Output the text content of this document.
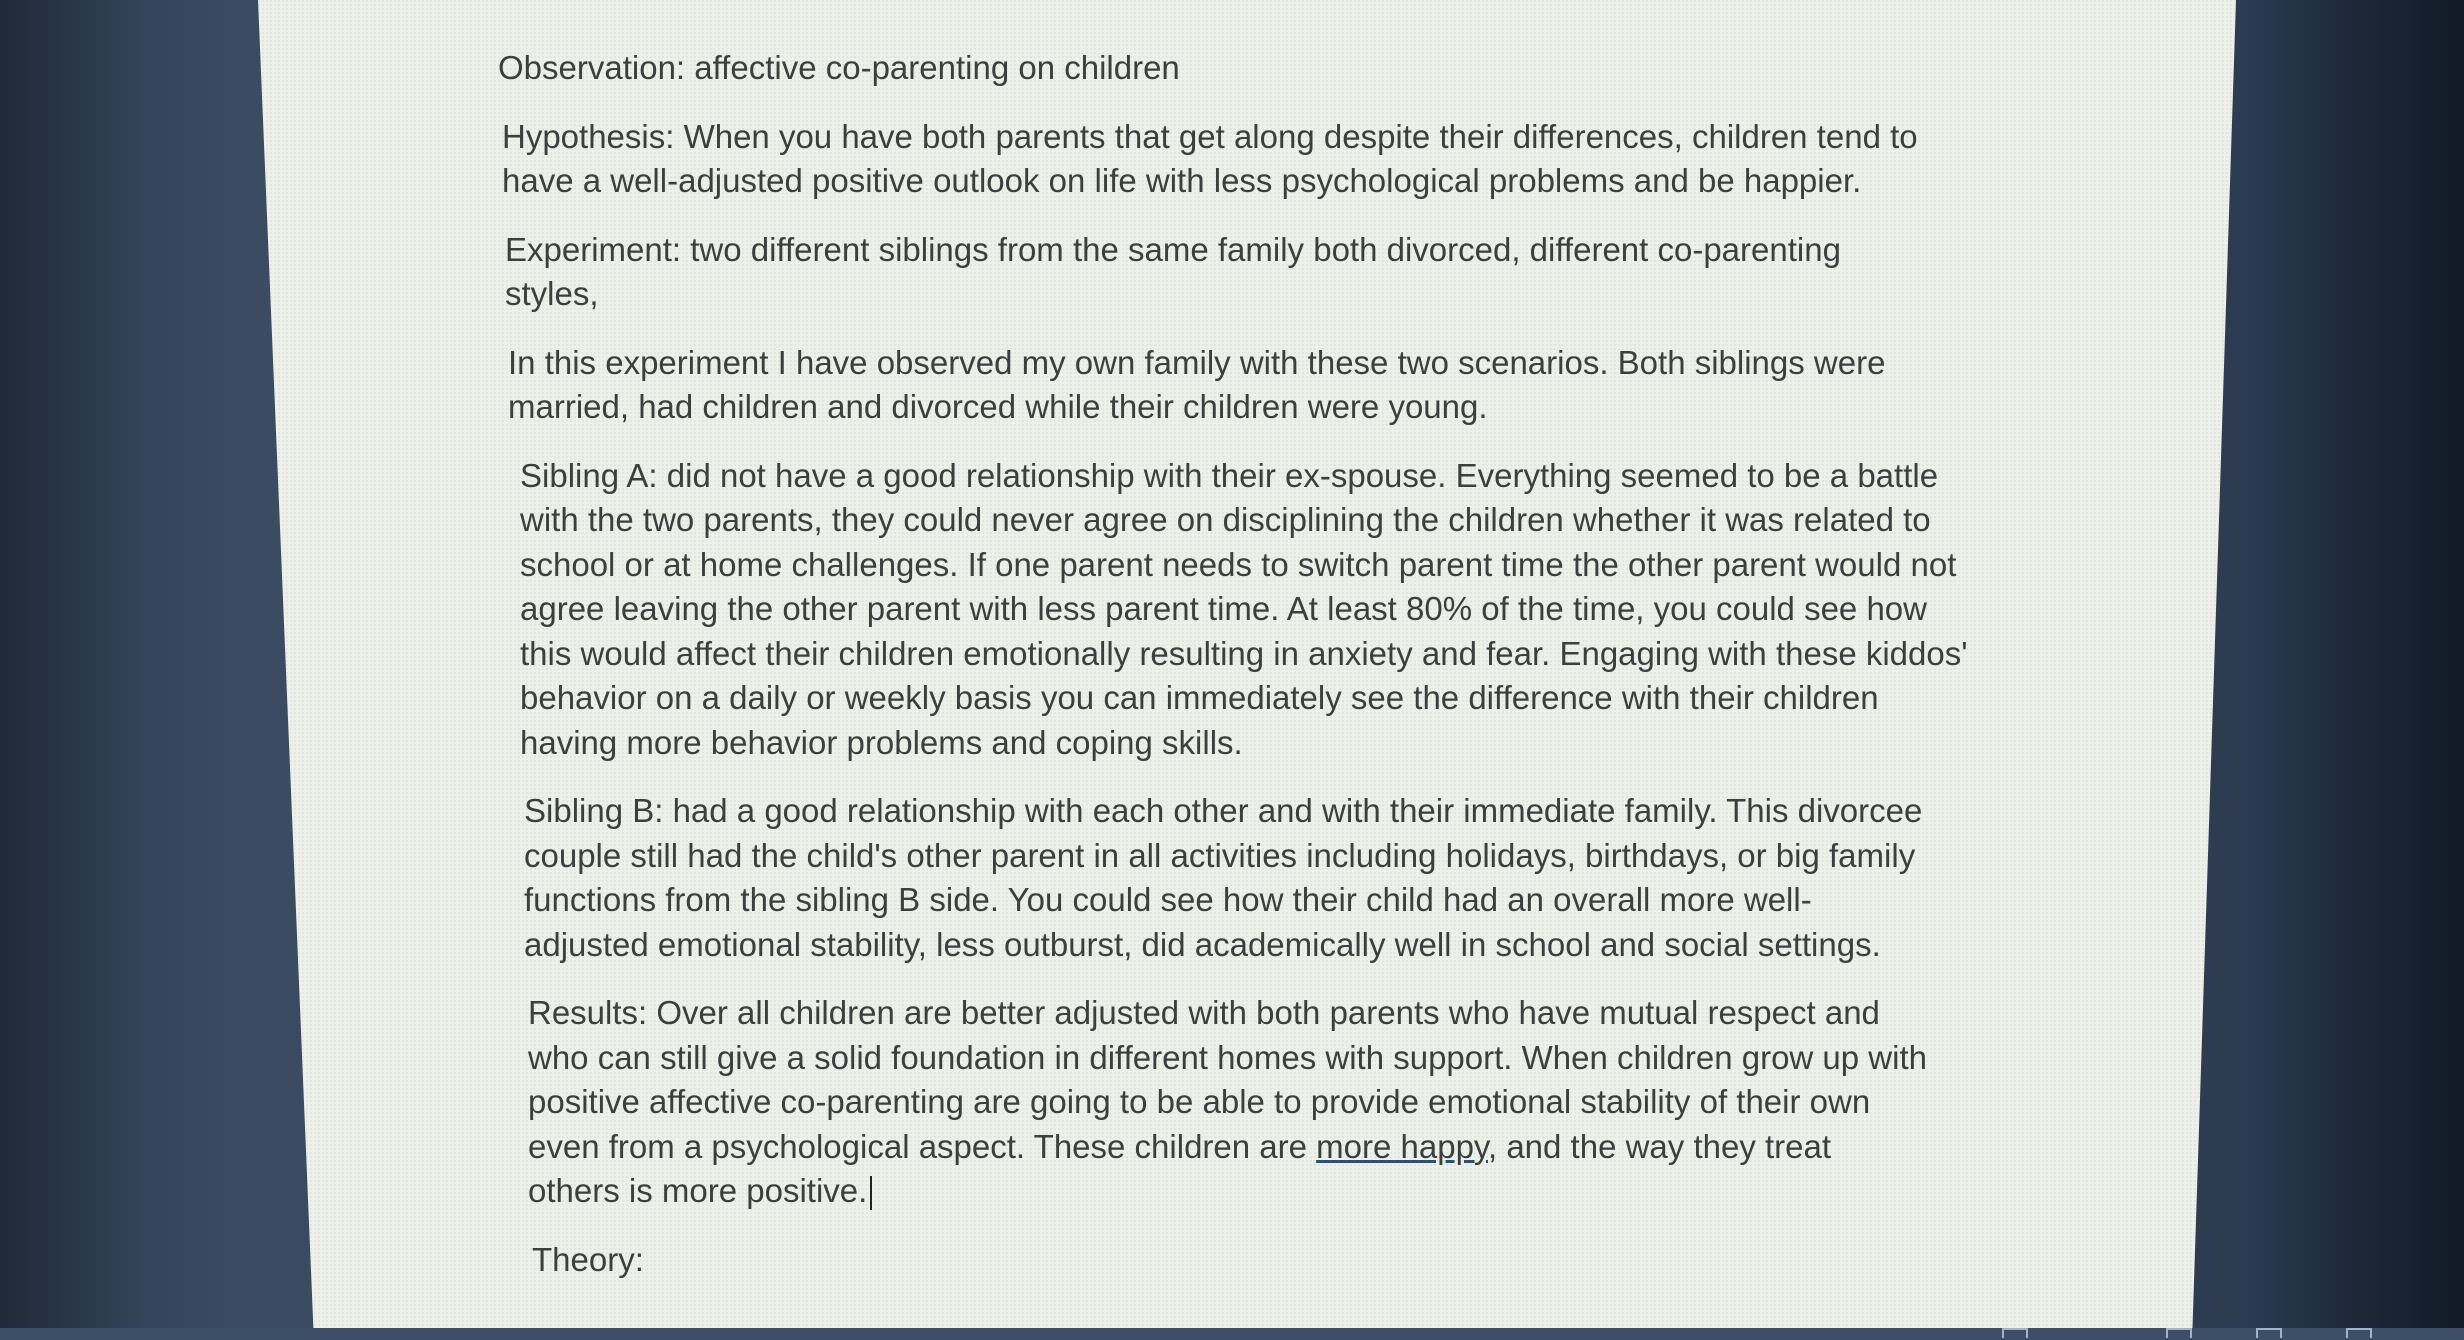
Observation: affective co-parenting on children

Hypothesis: When you have both parents that get along despite their differences, children tend to have a well-adjusted positive outlook on life with less psychological problems and be happier.

Experiment: two different siblings from the same family both divorced, different co-parenting styles,

In this experiment I have observed my own family with these two scenarios. Both siblings were married, had children and divorced while their children were young.

Sibling A: did not have a good relationship with their ex-spouse. Everything seemed to be a battle with the two parents, they could never agree on disciplining the children whether it was related to school or at home challenges. If one parent needs to switch parent time the other parent would not agree leaving the other parent with less parent time. At least 80% of the time, you could see how this would affect their children emotionally resulting in anxiety and fear. Engaging with these kiddos' behavior on a daily or weekly basis you can immediately see the difference with their children having more behavior problems and coping skills.

Sibling B: had a good relationship with each other and with their immediate family. This divorcee couple still had the child's other parent in all activities including holidays, birthdays, or big family functions from the sibling B side. You could see how their child had an overall more well-adjusted emotional stability, less outburst, did academically well in school and social settings.

Results: Over all children are better adjusted with both parents who have mutual respect and who can still give a solid foundation in different homes with support. When children grow up with positive affective co-parenting are going to be able to provide emotional stability of their own even from a psychological aspect. These children are more happy, and the way they treat others is more positive.

Theory:
